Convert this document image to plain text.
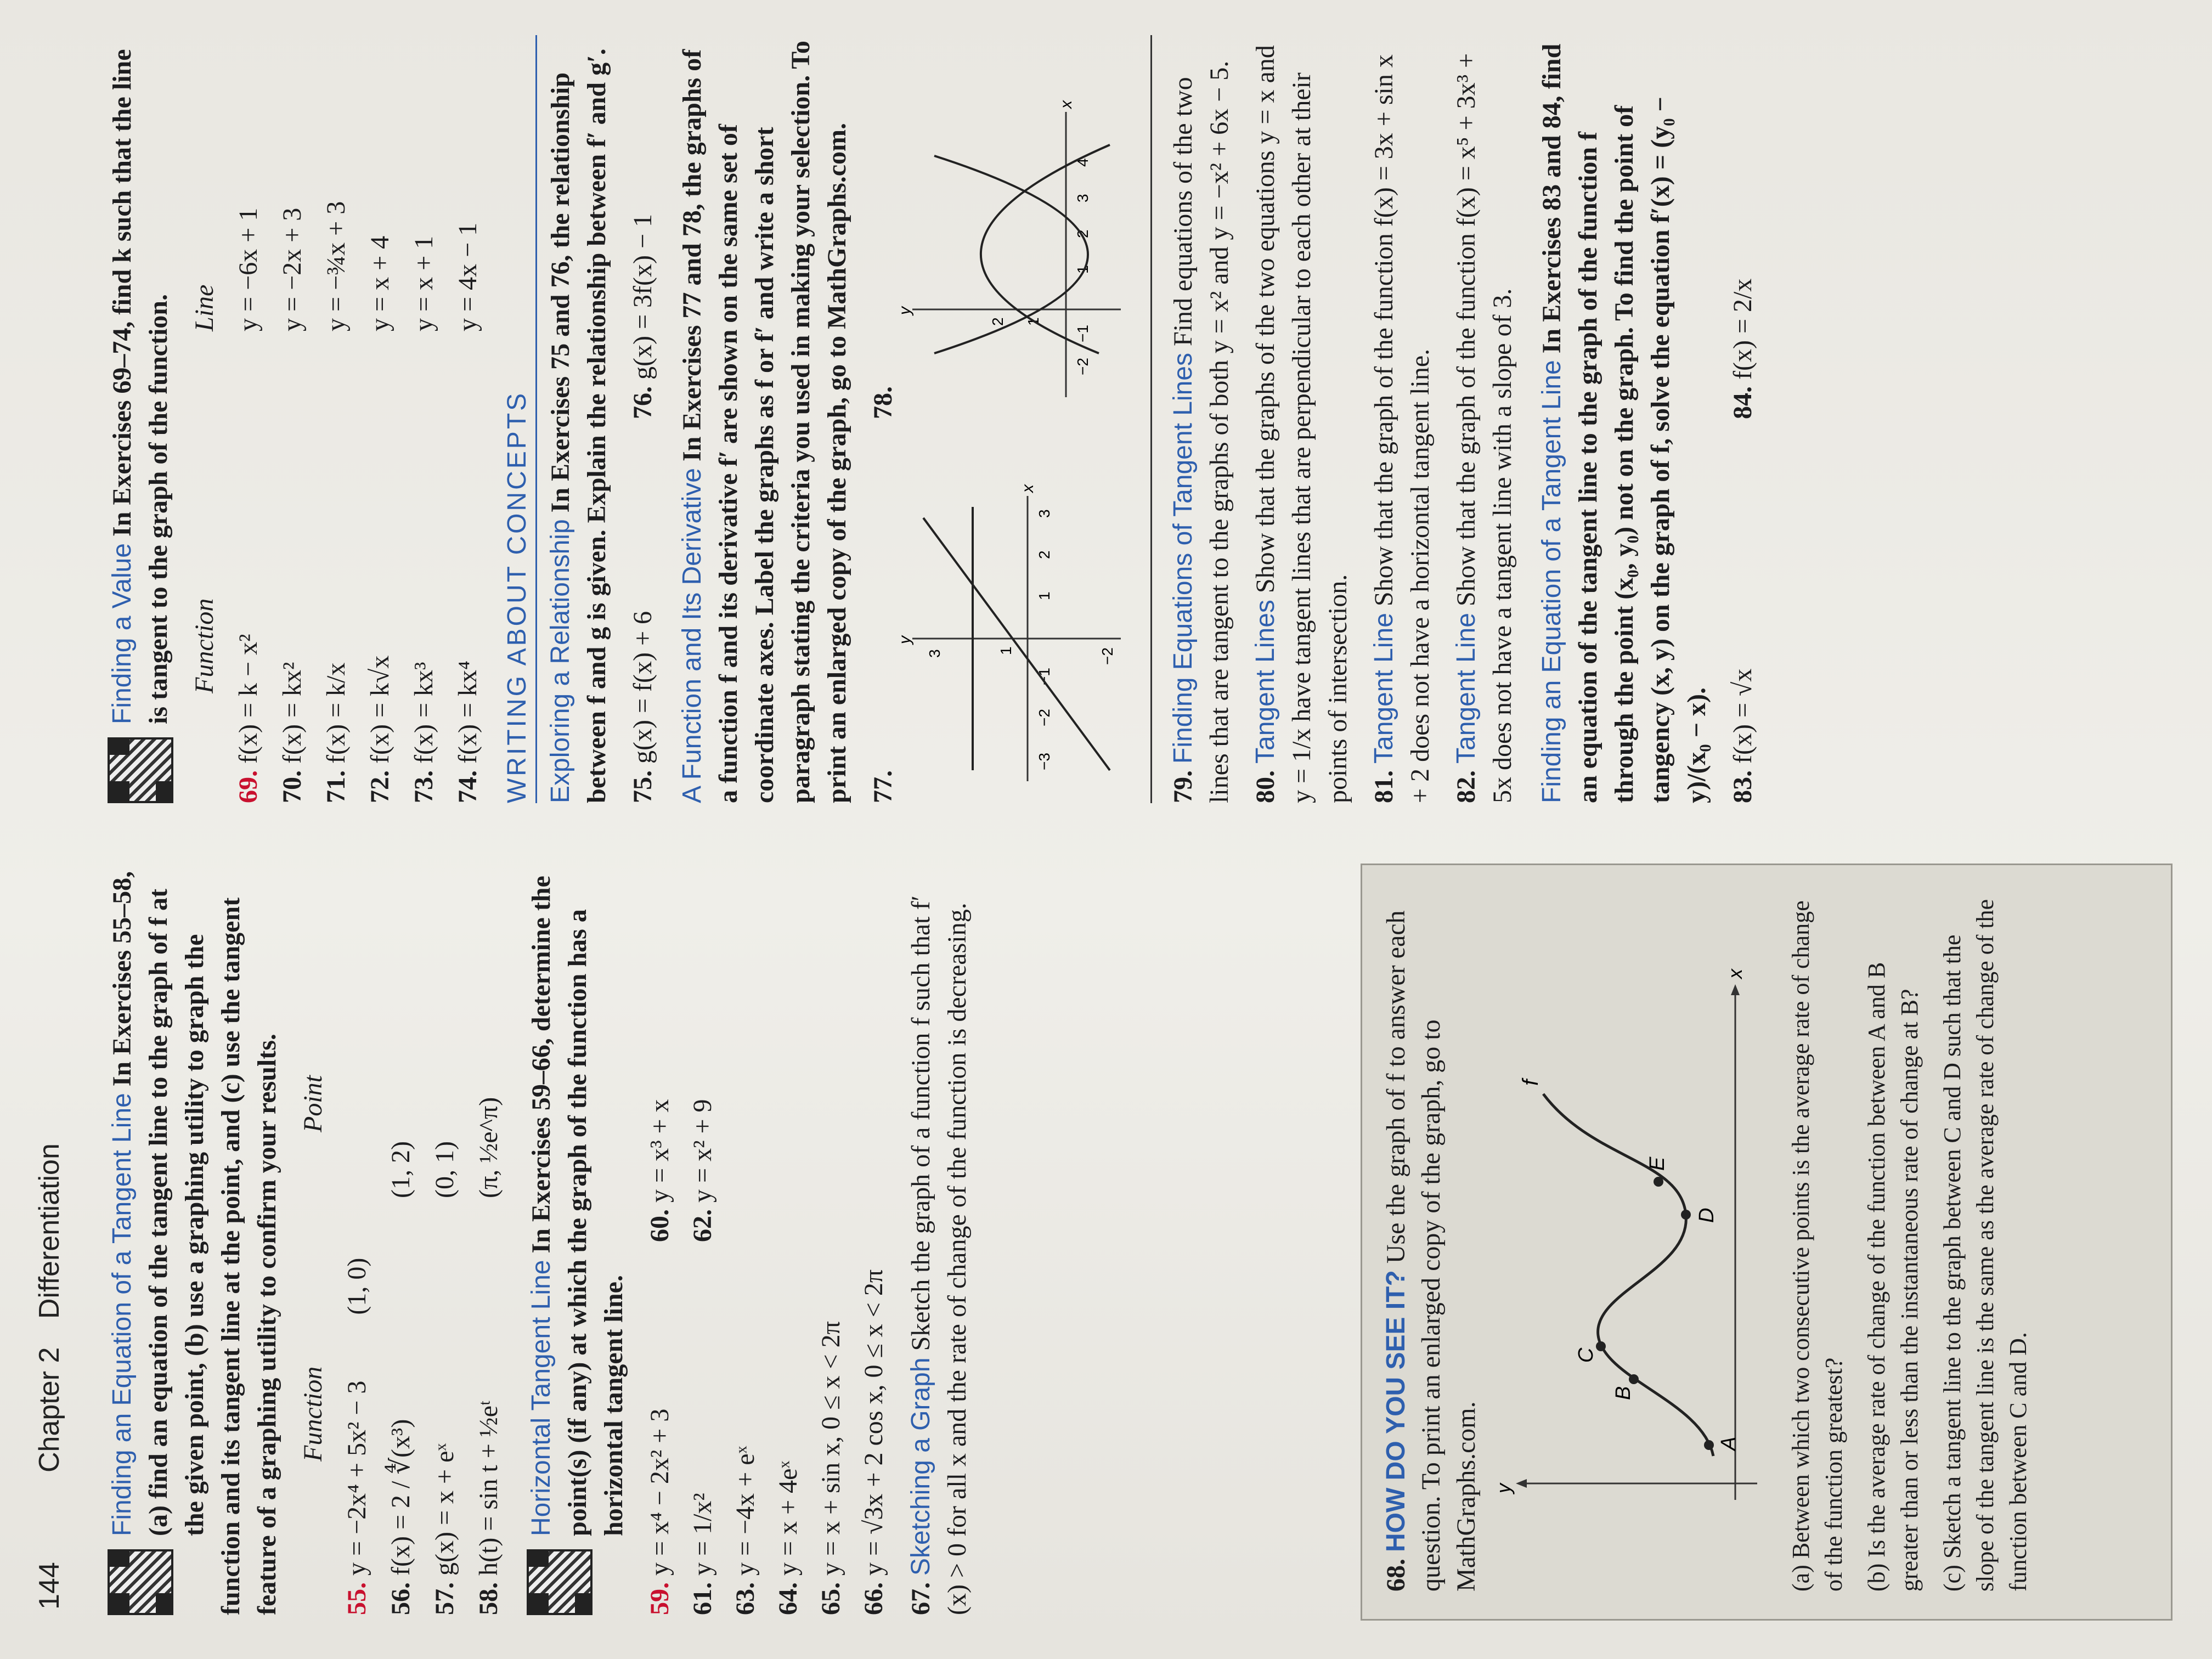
144
Chapter 2
Differentiation Finding an Equation of a Tangent Line In Exercises 55–58, (a) find an equation of the tangent line to the graph of f at the given point, (b) use a graphing utility to graph the function and its tangent line at the point, and (c) use the tangent feature of a graphing utility to confirm your results. Function
Point
55. y = −2x⁴ + 5x² − 3
(1, 0)
56. f(x) = 2 / ∜(x³)
(1, 2)
57. g(x) = x + eˣ
(0, 1)
58. h(t) = sin t + ½eᵗ
(π, ½e^π)

Horizontal Tangent Line In Exercises 59–66, determine the point(s) (if any) at which the graph of the function has a horizontal tangent line.

59. y = x⁴ − 2x² + 3
60. y = x³ + x
61. y = 1/x²
62. y = x² + 9
63. y = −4x + eˣ
64. y = x + 4eˣ
65. y = x + sin x, 0 ≤ x < 2π
66. y = √3x + 2 cos x, 0 ≤ x < 2π

67. Sketching a Graph Sketch the graph of a function f such that f′(x) > 0 for all x and the rate of change of the function is decreasing.	68. HOW DO YOU SEE IT? Use the graph of f to answer each question. To print an enlarged copy of the graph, go to MathGraphs.com. y
x
f
A
B
C
D
E	(a) Between which two consecutive points is the average rate of change of the function greatest? (b) Is the average rate of change of the function between A and B greater than or less than the instantaneous rate of change at B? (c) Sketch a tangent line to the graph between C and D such that the slope of the tangent line is the same as the average rate of change of the function between C and D.

Finding a Value In Exercises 69–74, find k such that the line is tangent to the graph of the function. Function
Line
69. f(x) = k − x²
y = −6x + 1
70. f(x) = kx²
y = −2x + 3
71. f(x) = k/x
y = −¾x + 3
72. f(x) = k√x
y = x + 4
73. f(x) = kx³
y = x + 1
74. f(x) = kx⁴
y = 4x − 1
WRITING ABOUT CONCEPTS Exploring a Relationship In Exercises 75 and 76, the relationship between f and g is given. Explain the relationship between f′ and g′. 75. g(x) = f(x) + 6
76. g(x) = 3f(x) − 1

A Function and Its Derivative In Exercises 77 and 78, the graphs of a function f and its derivative f′ are shown on the same set of coordinate axes. Label the graphs as f or f′ and write a short paragraph stating the criteria you used in making your selection. To print an enlarged copy of the graph, go to MathGraphs.com. 77.
x
y
−3
−2
−1
1
2
3
3	1	−2
78.
x
y
−2
−1
1
2
3
4
2 1

79. Finding Equations of Tangent Lines Find equations of the two lines that are tangent to the graphs of both y = x² and y = −x² + 6x − 5. 80. Tangent Lines Show that the graphs of the two equations y = x and y = 1/x have tangent lines that are perpendicular to each other at their points of intersection. 81. Tangent Line Show that the graph of the function f(x) = 3x + sin x + 2 does not have a horizontal tangent line. 82. Tangent Line Show that the graph of the function f(x) = x⁵ + 3x³ + 5x does not have a tangent line with a slope of 3. Finding an Equation of a Tangent Line In Exercises 83 and 84, find an equation of the tangent line to the graph of the function f through the point (x₀, y₀) not on the graph. To find the point of tangency (x, y) on the graph of f, solve the equation f′(x) = (y₀ − y)/(x₀ − x). 83. f(x) = √x
84. f(x) = 2/x
